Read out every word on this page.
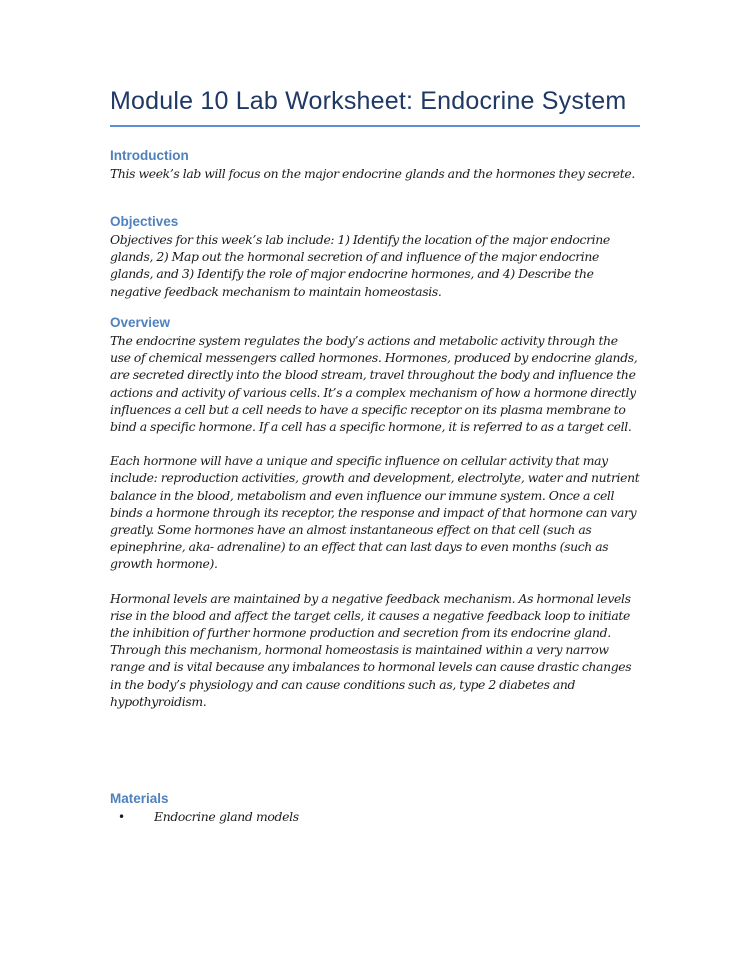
Module 10 Lab Worksheet: Endocrine System
Introduction

This week’s lab will focus on the major endocrine glands and the hormones they secrete.

Objectives

Objectives for this week’s lab include: 1) Identify the location of the major endocrine glands, 2) Map out the hormonal secretion of and influence of the major endocrine glands, and 3) Identify the role of major endocrine hormones, and 4) Describe the negative feedback mechanism to maintain homeostasis.

Overview

The endocrine system regulates the body’s actions and metabolic activity through the use of chemical messengers called hormones. Hormones, produced by endocrine glands, are secreted directly into the blood stream, travel throughout the body and influence the actions and activity of various cells. It’s a complex mechanism of how a hormone directly influences a cell but a cell needs to have a specific receptor on its plasma membrane to bind a specific hormone. If a cell has a specific hormone, it is referred to as a target cell.

Each hormone will have a unique and specific influence on cellular activity that may include: reproduction activities, growth and development, electrolyte, water and nutrient balance in the blood, metabolism and even influence our immune system. Once a cell binds a hormone through its receptor, the response and impact of that hormone can vary greatly. Some hormones have an almost instantaneous effect on that cell (such as epinephrine, aka- adrenaline) to an effect that can last days to even months (such as growth hormone).

Hormonal levels are maintained by a negative feedback mechanism. As hormonal levels rise in the blood and affect the target cells, it causes a negative feedback loop to initiate the inhibition of further hormone production and secretion from its endocrine gland. Through this mechanism, hormonal homeostasis is maintained within a very narrow range and is vital because any imbalances to hormonal levels can cause drastic changes in the body’s physiology and can cause conditions such as, type 2 diabetes and hypothyroidism.

Materials
• Endocrine gland models
